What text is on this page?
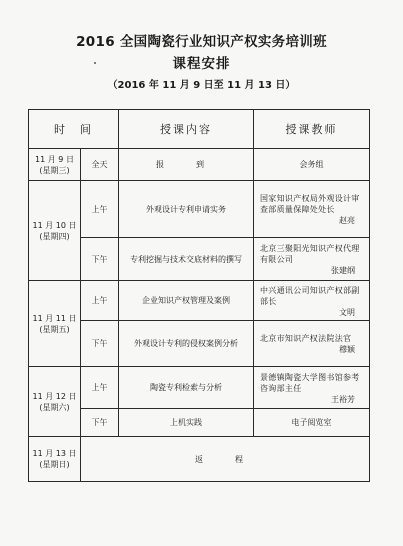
2016 全国陶瓷行业知识产权实务培训班
课程安排
（2016 年 11 月 9 日至 11 月 13 日）
时　间		授课内容	授课教师

11 月 9 日
(星期三)	全天	报　到	会务组

11 月 10 日
(星期四)	上午	外观设计专利申请实务	国家知识产权局外观设计审查部质量保障处处长
赵亮

	下午	专利挖掘与技术交底材料的撰写	北京三聚阳光知识产权代理有限公司
张建纲

11 月 11 日
(星期五)	上午	企业知识产权管理及案例	中兴通讯公司知识产权部副部长
文明

	下午	外观设计专利的侵权案例分析	北京市知识产权法院法官
穆颖

11 月 12 日
(星期六)	上午	陶瓷专利检索与分析	景德镇陶瓷大学图书馆参考咨询部主任
王裕芳

	下午	上机实践	电子阅览室

11 月 13 日
(星期日)	返　程		
